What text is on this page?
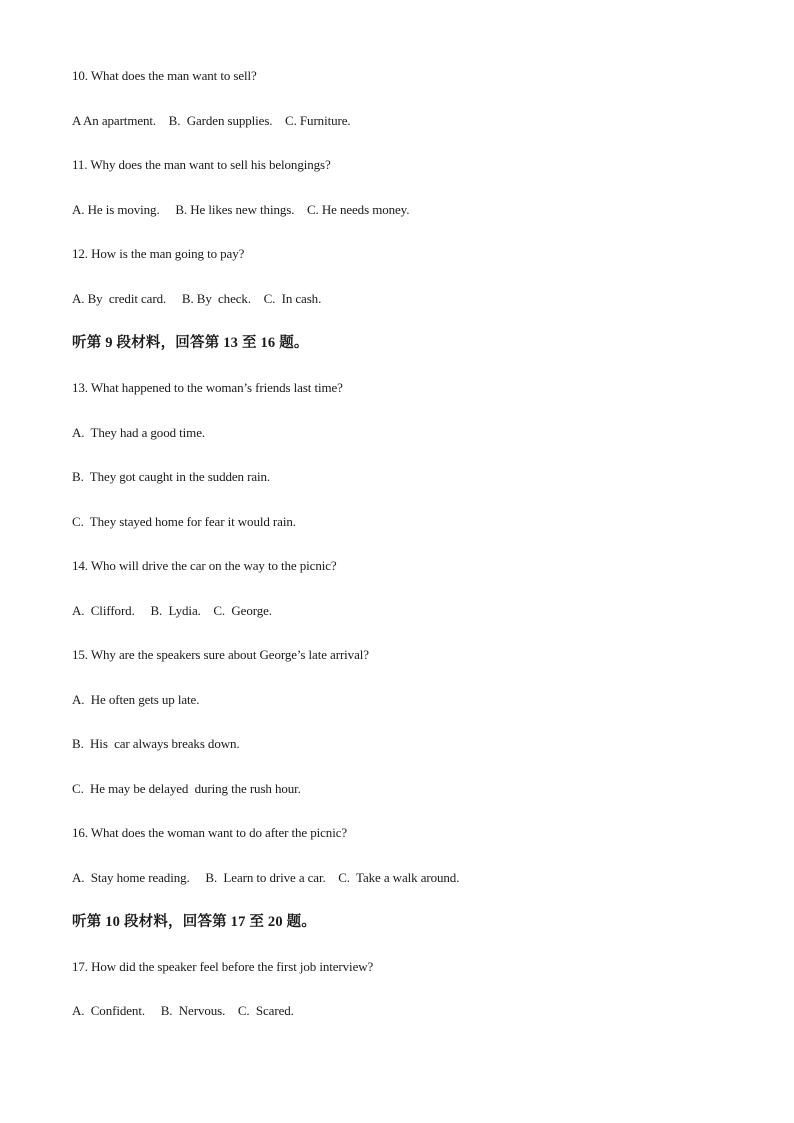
10. What does the man want to sell?
A An apartment.    B.  Garden supplies.    C. Furniture.
11. Why does the man want to sell his belongings?
A. He is moving.     B. He likes new things.    C. He needs money.
12. How is the man going to pay?
A. By  credit card.     B. By  check.    C.  In cash.
听第 9 段材料，回答第 13 至 16 题。
13. What happened to the woman’s friends last time?
A.  They had a good time.
B.  They got caught in the sudden rain.
C.  They stayed home for fear it would rain.
14. Who will drive the car on the way to the picnic?
A.  Clifford.     B.  Lydia.    C.  George.
15. Why are the speakers sure about George’s late arrival?
A.  He often gets up late.
B.  His  car always breaks down.
C.  He may be delayed  during the rush hour.
16. What does the woman want to do after the picnic?
A.  Stay home reading.     B.  Learn to drive a car.    C.  Take a walk around.
听第 10 段材料，回答第 17 至 20 题。
17. How did the speaker feel before the first job interview?
A.  Confident.     B.  Nervous.    C.  Scared.
